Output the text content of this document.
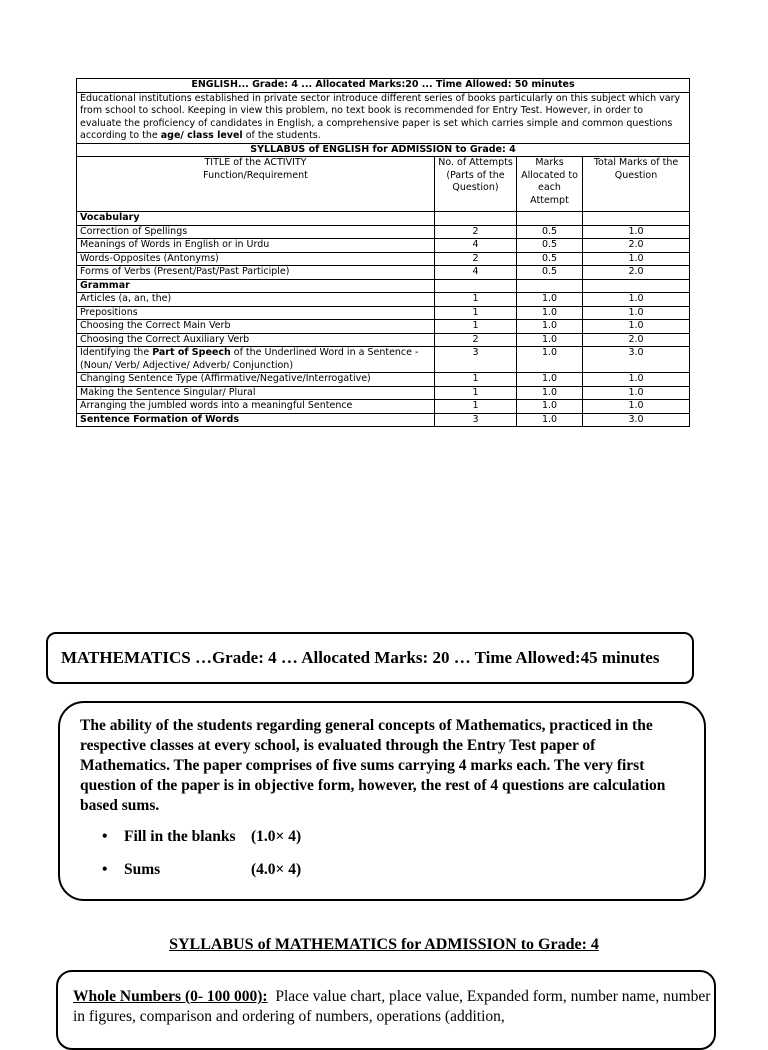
ENGLISH... Grade: 4 ... Allocated Marks:20 ... Time Allowed: 50 minutes			
Educational institutions established in private sector introduce different series of books particularly on this subject which vary from school to school. Keeping in view this problem, no text book is recommended for Entry Test. However, in order to evaluate the proficiency of candidates in English, a comprehensive paper is set which carries simple and common questions according to the age/ class level of the students.			
SYLLABUS of ENGLISH for ADMISSION to Grade: 4			

TITLE of the ACTIVITY
Function/Requirement	No. of Attempts (Parts of the Question)	Marks Allocated to each Attempt	Total Marks of the Question
Vocabulary			
Correction of Spellings	2	0.5	1.0
Meanings of Words in English or in Urdu	4	0.5	2.0
Words-Opposites (Antonyms)	2	0.5	1.0
Forms of Verbs (Present/Past/Past Participle)	4	0.5	2.0
Grammar			
Articles (a, an, the)	1	1.0	1.0
Prepositions	1	1.0	1.0
Choosing the Correct Main Verb	1	1.0	1.0
Choosing the Correct Auxiliary Verb	2	1.0	2.0
Identifying the Part of Speech of the Underlined Word in a Sentence - (Noun/ Verb/ Adjective/ Adverb/ Conjunction)	3	1.0	3.0
Changing Sentence Type (Affirmative/Negative/Interrogative)	1	1.0	1.0
Making the Sentence Singular/ Plural	1	1.0	1.0
Arranging the jumbled words into a meaningful Sentence	1	1.0	1.0
Sentence Formation of Words	3	1.0	3.0
MATHEMATICS …Grade: 4 … Allocated Marks: 20 … Time Allowed:45 minutes

The ability of the students regarding general concepts of Mathematics, practiced in the respective classes at every school, is evaluated through the Entry Test paper of Mathematics. The paper comprises of five sums carrying 4 marks each. The very first question of the paper is in objective form, however, the rest of 4 questions are calculation based sums.

• Fill in the blanks (1.0× 4)
• Sums	(4.0× 4)
SYLLABUS of MATHEMATICS for ADMISSION to Grade: 4
Whole Numbers (0- 100 000): Place value chart, place value, Expanded form, number name, number in figures, comparison and ordering of numbers, operations (addition,
